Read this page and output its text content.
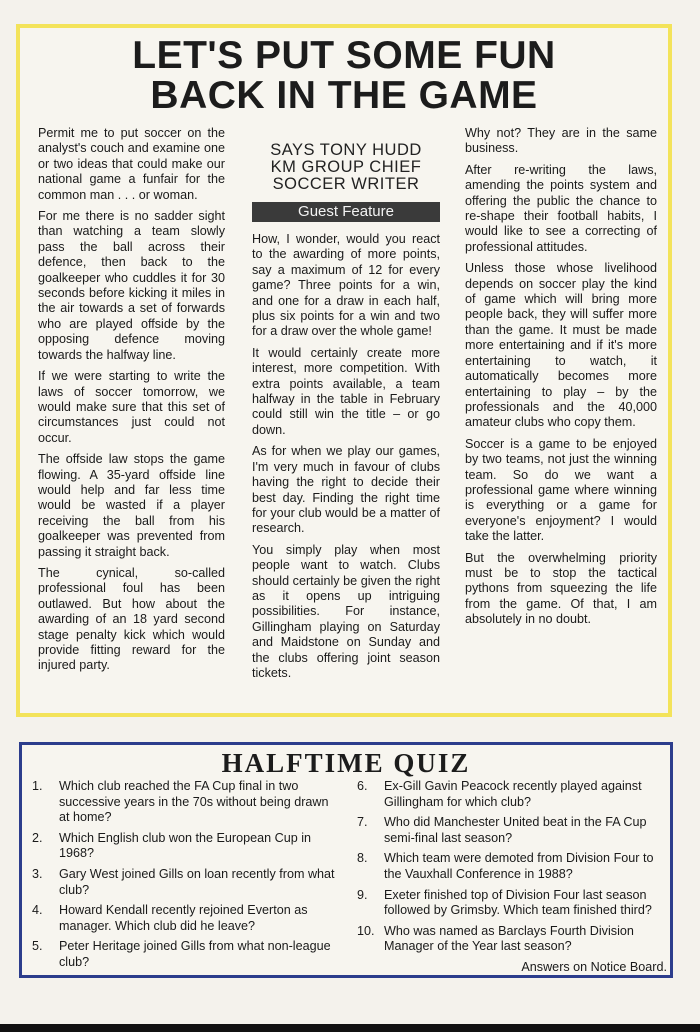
LET'S PUT SOME FUN
BACK IN THE GAME

Permit me to put soccer on the analyst's couch and examine one or two ideas that could make our national game a funfair for the common man . . . or woman.

For me there is no sadder sight than watching a team slowly pass the ball across their defence, then back to the goalkeeper who cuddles it for 30 seconds before kicking it miles in the air towards a set of forwards who are played offside by the opposing defence moving towards the halfway line.

If we were starting to write the laws of soccer tomorrow, we would make sure that this set of circumstances just could not occur.

The offside law stops the game flowing. A 35-yard offside line would help and far less time would be wasted if a player receiving the ball from his goalkeeper was prevented from passing it straight back.

The cynical, so-called professional foul has been outlawed. But how about the awarding of an 18 yard second stage penalty kick which would provide fitting reward for the injured party.

SAYS TONY HUDD
KM GROUP CHIEF
SOCCER WRITER
Guest Feature

How, I wonder, would you react to the awarding of more points, say a maximum of 12 for every game? Three points for a win, and one for a draw in each half, plus six points for a win and two for a draw over the whole game!

It would certainly create more interest, more competition. With extra points available, a team halfway in the table in February could still win the title – or go down.

As for when we play our games, I'm very much in favour of clubs having the right to decide their best day. Finding the right time for your club would be a matter of research.

You simply play when most people want to watch. Clubs should certainly be given the right as it opens up intriguing possibilities. For instance, Gillingham playing on Saturday and Maidstone on Sunday and the clubs offering joint season tickets.

Why not? They are in the same business.

After re-writing the laws, amending the points system and offering the public the chance to re-shape their football habits, I would like to see a correcting of professional attitudes.

Unless those whose livelihood depends on soccer play the kind of game which will bring more people back, they will suffer more than the game. It must be made more entertaining and if it's more entertaining to watch, it automatically becomes more entertaining to play – by the professionals and the 40,000 amateur clubs who copy them.

Soccer is a game to be enjoyed by two teams, not just the winning team. So do we want a professional game where winning is everything or a game for everyone's enjoyment? I would take the latter.

But the overwhelming priority must be to stop the tactical pythons from squeezing the life from the game. Of that, I am absolutely in no doubt.

HALFTIME QUIZ
1.	Which club reached the FA Cup final in two successive years in the 70s without being drawn at home?
2.	Which English club won the European Cup in 1968?
3.	Gary West joined Gills on loan recently from what club?
4.	Howard Kendall recently rejoined Everton as manager. Which club did he leave?
5.	Peter Heritage joined Gills from what non-league club?
6.	Ex-Gill Gavin Peacock recently played against Gillingham for which club?
7.	Who did Manchester United beat in the FA Cup semi-final last season?
8.	Which team were demoted from Division Four to the Vauxhall Conference in 1988?
9.	Exeter finished top of Division Four last season followed by Grimsby. Which team finished third?
10. Who was named as Barclays Fourth Division Manager of the Year last season?
Answers on Notice Board.
